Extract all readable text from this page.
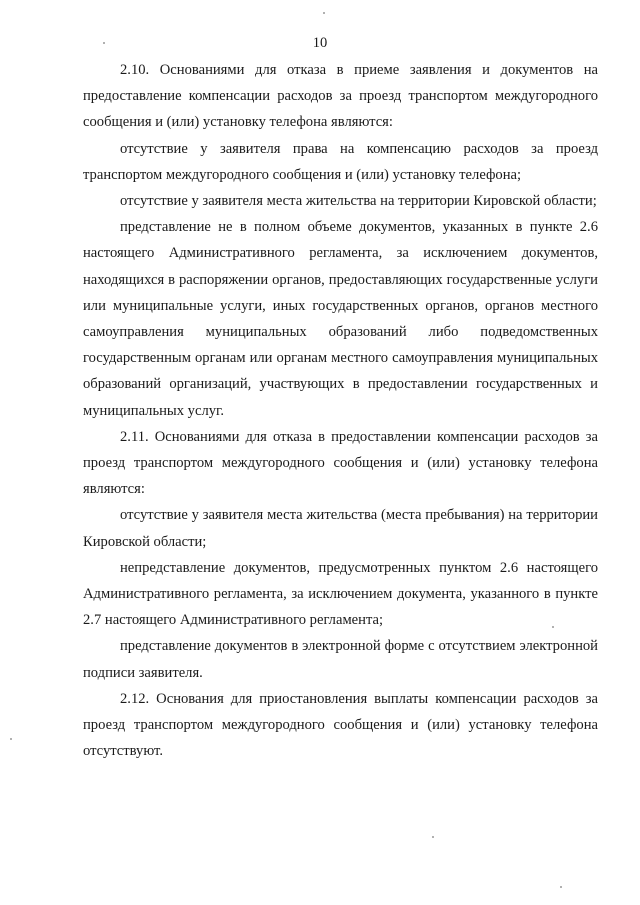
10

2.10. Основаниями для отказа в приеме заявления и документов на предоставление компенсации расходов за проезд транспортом междугородного сообщения и (или) установку телефона являются:

отсутствие у заявителя права на компенсацию расходов за проезд транспортом междугородного сообщения и (или) установку телефона;

отсутствие у заявителя места жительства на территории Кировской области;

представление не в полном объеме документов, указанных в пункте 2.6 настоящего Административного регламента, за исключением документов, находящихся в распоряжении органов, предоставляющих государственные услуги или муниципальные услуги, иных государственных органов, органов местного самоуправления муниципальных образований либо подведомственных государственным органам или органам местного самоуправления муниципальных образований организаций, участвующих в предоставлении государственных и муниципальных услуг.

2.11. Основаниями для отказа в предоставлении компенсации расходов за проезд транспортом междугородного сообщения и (или) установку телефона являются:

отсутствие у заявителя места жительства (места пребывания) на территории Кировской области;

непредставление документов, предусмотренных пунктом 2.6 настоящего Административного регламента, за исключением документа, указанного в пункте 2.7 настоящего Административного регламента;

представление документов в электронной форме с отсутствием электронной подписи заявителя.

2.12. Основания для приостановления выплаты компенсации расходов за проезд транспортом междугородного сообщения и (или) установку телефона отсутствуют.
